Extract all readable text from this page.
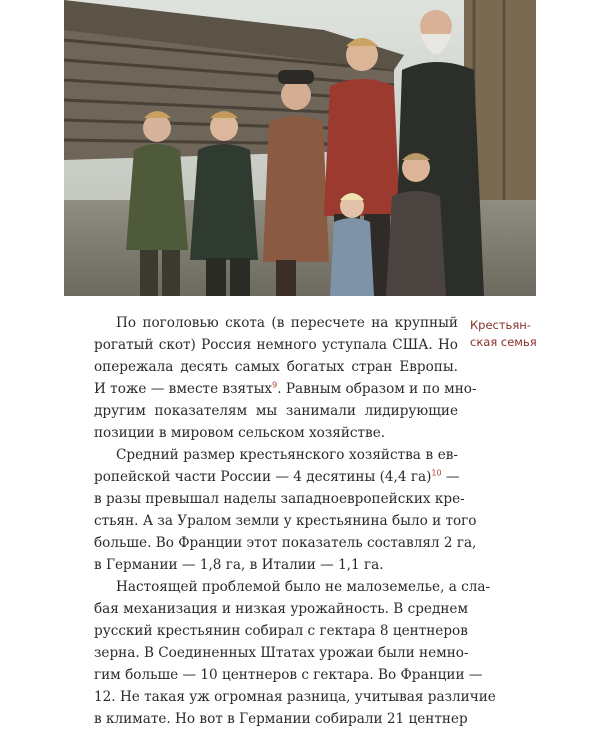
Крестьян-
ская семья
По поголовью скота (в пересчете на крупный
рогатый скот) Россия немного уступала США. Но
опережала десять самых богатых стран Европы.
И тоже — вместе взятых$^9$. Равным образом и по мно-
другим показателям мы занимали лидирующие
позиции в мировом сельском хозяйстве.
Средний размер крестьянского хозяйства в ев-
ропейской части России — 4 десятины (4,4 га)$^{10}$ —
в разы превышал наделы западноевропейских кре-
стьян. А за Уралом земли у крестьянина было и того
больше. Во Франции этот показатель составлял 2 га,
в Германии — 1,8 га, в Италии — 1,1 га.
Настоящей проблемой было не малоземелье, а сла-
бая механизация и низкая урожайность. В среднем
русский крестьянин собирал с гектара 8 центнеров
зерна. В Соединенных Штатах урожаи были немно-
гим больше — 10 центнеров с гектара. Во Франции —
12. Не такая уж огромная разница, учитывая различие
в климате. Но вот в Германии собирали 21 центнер
